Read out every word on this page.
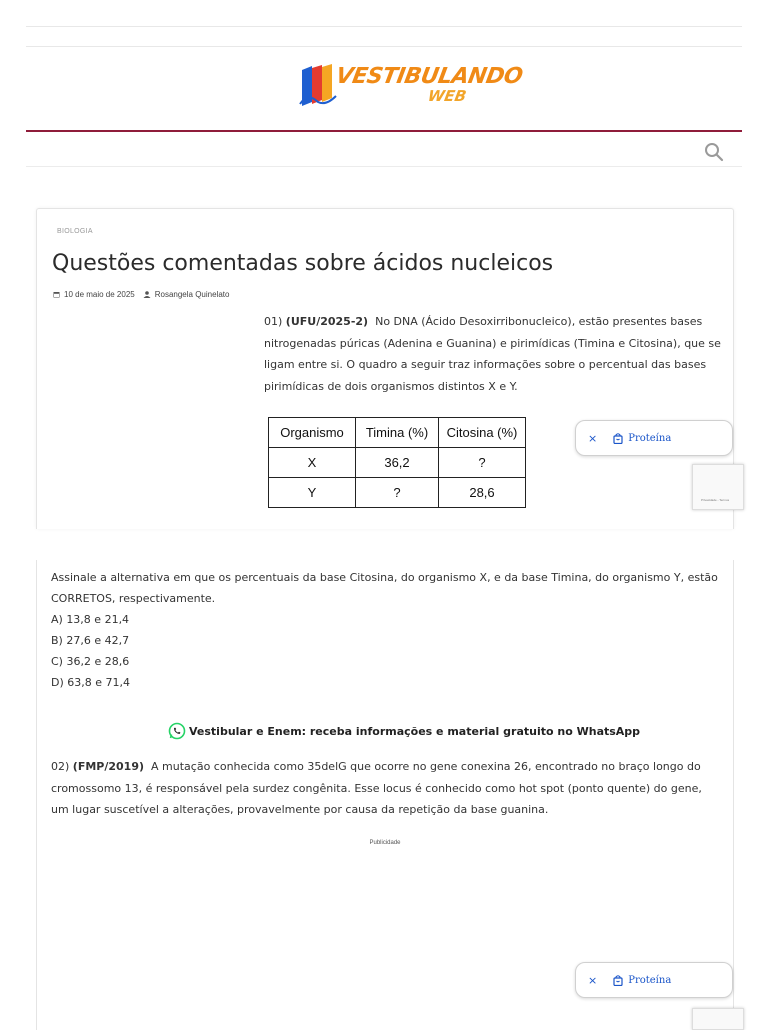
VESTIBULANDO
WEB
BIOLOGIA
Questões comentadas sobre ácidos nucleicos
10 de maio de 2025	Rosangela Quinelato

01) (UFU/2025-2) No DNA (Ácido Desoxirribonucleico), estão presentes bases nitrogenadas púricas (Adenina e Guanina) e pirimídicas (Timina e Citosina), que se ligam entre si. O quadro a seguir traz informações sobre o percentual das bases pirimídicas de dois organismos distintos X e Y.

Organismo	Timina (%)	Citosina (%)
X	36,2	?
Y	?	28,6
×	Proteína
Privacidade - Termos

Assinale a alternativa em que os percentuais da base Citosina, do organismo X, e da base Timina, do organismo Y, estão CORRETOS, respectivamente.
A) 13,8 e 21,4
B) 27,6 e 42,7
C) 36,2 e 28,6
D) 63,8 e 71,4

Vestibular e Enem: receba informações e material gratuito no WhatsApp

02) (FMP/2019) A mutação conhecida como 35delG que ocorre no gene conexina 26, encontrado no braço longo do cromossomo 13, é responsável pela surdez congênita. Esse locus é conhecido como hot spot (ponto quente) do gene, um lugar suscetível a alterações, provavelmente por causa da repetição da base guanina.

Publicidade
×	Proteína
